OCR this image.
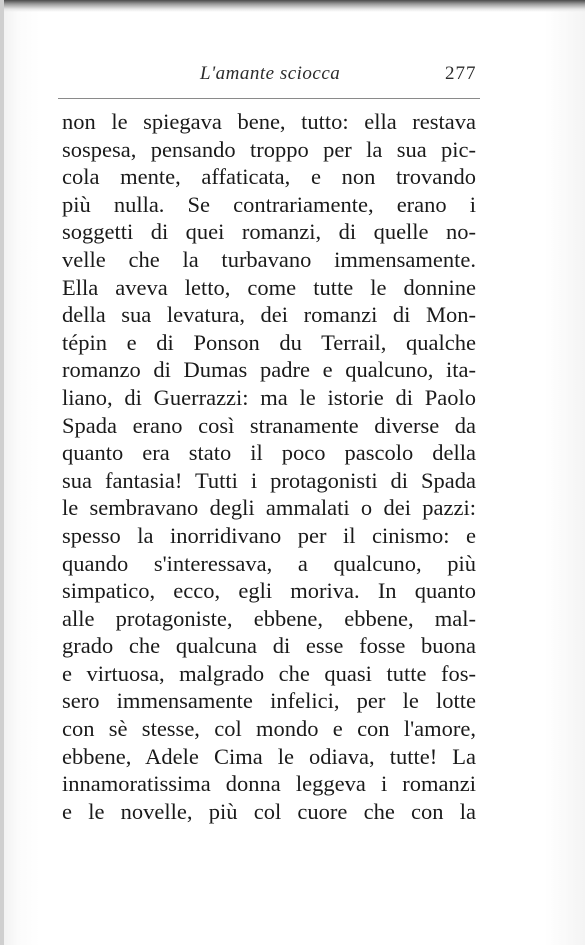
L'amante sciocca	277
non le spiegava bene, tutto: ella restava
sospesa, pensando troppo per la sua pic-
cola mente, affaticata, e non trovando
più nulla. Se contrariamente, erano i
soggetti di quei romanzi, di quelle no-
velle che la turbavano immensamente.
Ella aveva letto, come tutte le donnine
della sua levatura, dei romanzi di Mon-
tépin e di Ponson du Terrail, qualche
romanzo di Dumas padre e qualcuno, ita-
liano, di Guerrazzi: ma le istorie di Paolo
Spada erano così stranamente diverse da
quanto era stato il poco pascolo della
sua fantasia! Tutti i protagonisti di Spada
le sembravano degli ammalati o dei pazzi:
spesso la inorridivano per il cinismo: e
quando s'interessava, a qualcuno, più
simpatico, ecco, egli moriva. In quanto
alle protagoniste, ebbene, ebbene, mal-
grado che qualcuna di esse fosse buona
e virtuosa, malgrado che quasi tutte fos-
sero immensamente infelici, per le lotte
con sè stesse, col mondo e con l'amore,
ebbene, Adele Cima le odiava, tutte! La
innamoratissima donna leggeva i romanzi
e le novelle, più col cuore che con la
